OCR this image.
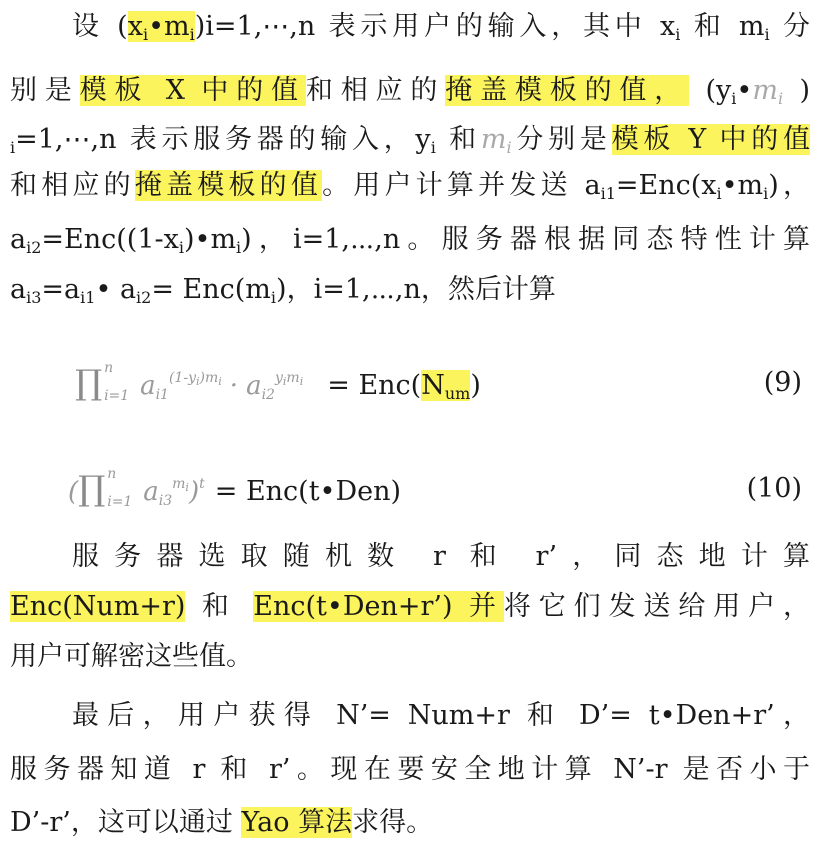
设 $(x_i•m_i)i=1,\cdots,n$ 表示用户的输入，其中 $x_i$ 和 $m_i$ 分
别是模板 X 中的值和相应的掩盖模板的值， ($y_i•m_i$ )
$_i$=1,⋯,n 表示服务器的输入，$y_i$ 和$m_i$分别是模板 Y 中的值
和相应的掩盖模板的值。用户计算并发送 $a_{i1}=Enc(x_i•m_i)$，
$a_{i2}=Enc((1-x_i)•m_i)$，i=1,⋯,n。服务器根据同态特性计算
$a_{i3}=a_{i1}•$ $a_{i2}= Enc(m_i)$，i=1,⋯,n，然后计算
∏ n
i=1 $a_{i1}^{(1-y_i)m_i} \cdot a_{i2}^{y_im_i} = Enc(N_{um})$	(9)
(∏ n
i=1 $a_{i3}^{m_i})^t$ = Enc(t•Den)	(10)
服务器选取随机数 r 和 r’，同态地计算
Enc(Num+r) 和 Enc(t•Den+r’) 并将它们发送给用户，
用户可解密这些值。
最后，用户获得 N’= Num+r 和 D’= t•Den+r’，
服务器知道 r 和 r’。现在要安全地计算 N’-r 是否小于
D’-r’，这可以通过 Yao 算法求得。
